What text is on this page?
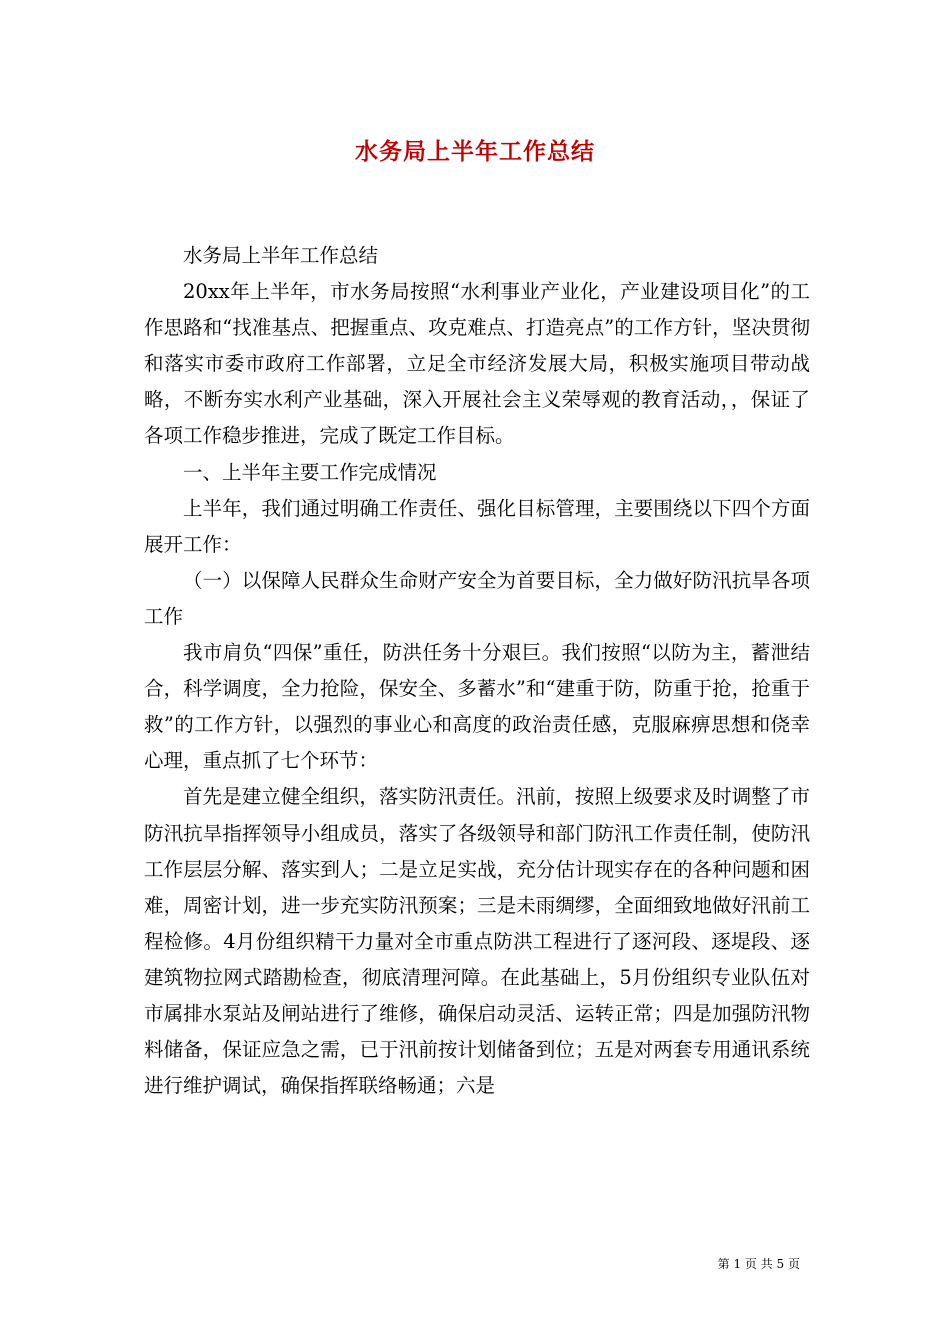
水务局上半年工作总结

水务局上半年工作总结

20xx年上半年，市水务局按照“水利事业产业化，产业建设项目化”的工作思路和“找准基点、把握重点、攻克难点、打造亮点”的工作方针，坚决贯彻和落实市委市政府工作部署，立足全市经济发展大局，积极实施项目带动战略，不断夯实水利产业基础，深入开展社会主义荣辱观的教育活动，，保证了各项工作稳步推进，完成了既定工作目标。

一、上半年主要工作完成情况

上半年，我们通过明确工作责任、强化目标管理，主要围绕以下四个方面展开工作：

（一）以保障人民群众生命财产安全为首要目标，全力做好防汛抗旱各项工作

我市肩负“四保”重任，防洪任务十分艰巨。我们按照“以防为主，蓄泄结合，科学调度，全力抢险，保安全、多蓄水”和“建重于防，防重于抢，抢重于救”的工作方针，以强烈的事业心和高度的政治责任感，克服麻痹思想和侥幸心理，重点抓了七个环节：

首先是建立健全组织，落实防汛责任。汛前，按照上级要求及时调整了市防汛抗旱指挥领导小组成员，落实了各级领导和部门防汛工作责任制，使防汛工作层层分解、落实到人；二是立足实战，充分估计现实存在的各种问题和困难，周密计划，进一步充实防汛预案；三是未雨绸缪，全面细致地做好汛前工程检修。4月份组织精干力量对全市重点防洪工程进行了逐河段、逐堤段、逐建筑物拉网式踏勘检查，彻底清理河障。在此基础上，5月份组织专业队伍对市属排水泵站及闸站进行了维修，确保启动灵活、运转正常；四是加强防汛物料储备，保证应急之需，已于汛前按计划储备到位；五是对两套专用通讯系统进行维护调试，确保指挥联络畅通；六是

第 1 页 共 5 页
